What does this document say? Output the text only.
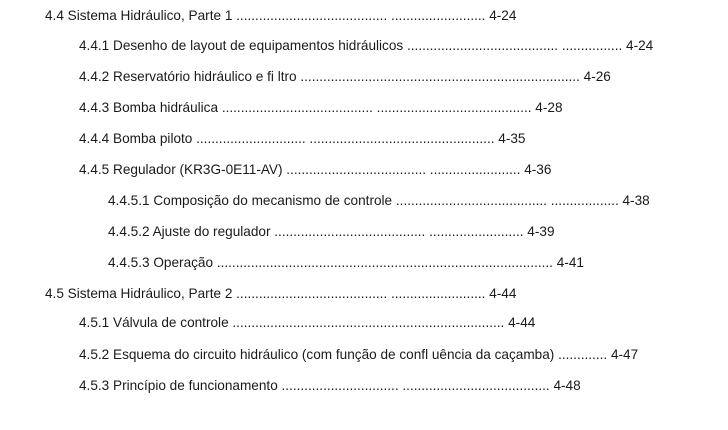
4.4 Sistema Hidráulico, Parte 1 ........................................ ......................... 4-24
4.4.1 Desenho de layout de equipamentos hidráulicos ........................................ ................ 4-24
4.4.2 Reservatório hidráulico e fi ltro .......................................................................... 4-26
4.4.3 Bomba hidráulica ........................................ ......................................... 4-28
4.4.4 Bomba piloto ............................. ................................................. 4-35
4.4.5 Regulador (KR3G-0E11-AV) ..................................... ........................ 4-36
4.4.5.1 Composição do mecanismo de controle ........................................ .................. 4-38
4.4.5.2 Ajuste do regulador ........................................ ......................... 4-39
4.4.5.3 Operação ......................................................................................... 4-41
4.5 Sistema Hidráulico, Parte 2 ........................................ ......................... 4-44
4.5.1 Válvula de controle ........................................................................ 4-44
4.5.2 Esquema do circuito hidráulico (com função de confl uência da caçamba) ............. 4-47
4.5.3 Princípio de funcionamento ............................... ....................................... 4-48
